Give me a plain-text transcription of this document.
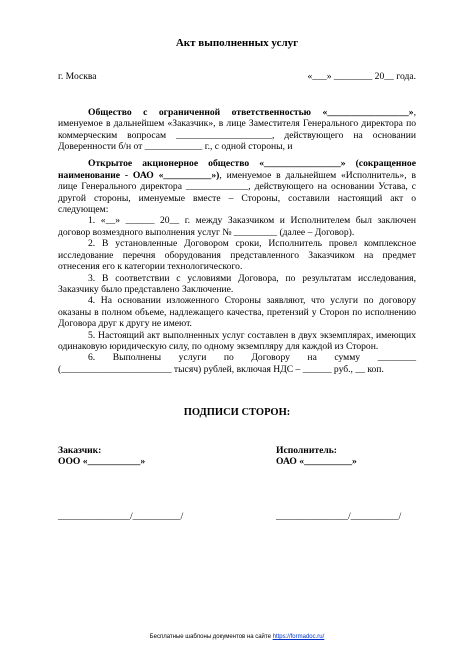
Акт выполненных услуг
г. Москва	«___» ________ 20__ года.

Общество с ограниченной ответственностью «_________________», именуемое в дальнейшем «Заказчик», в лице Заместителя Генерального директора по коммерческим вопросам ____________________, действующего на основании Доверенности б/н от ____________ г., с одной стороны, и

Открытое акционерное общество «________________» (сокращенное наименование - ОАО «__________»), именуемое в дальнейшем «Исполнитель», в лице Генерального директора _____________, действующего на основании Устава, с другой стороны, именуемые вместе – Стороны, составили настоящий акт о следующем:

1. «__» ______ 20__ г. между Заказчиком и Исполнителем был заключен договор возмездного выполнения услуг № _________ (далее – Договор).

2. В установленные Договором сроки, Исполнитель провел комплексное исследование перечня оборудования представленного Заказчиком на предмет отнесения его к категории технологического.

3. В соответствии с условиями Договора, по результатам исследования, Заказчику было представлено Заключение.

4. На основании изложенного Стороны заявляют, что услуги по договору оказаны в полном объеме, надлежащего качества, претензий у Сторон по исполнению Договора друг к другу не имеют.

5. Настоящий акт выполненных услуг составлен в двух экземплярах, имеющих одинаковую юридическую силу, по одному экземпляру для каждой из Сторон.

6. Выполнены услуги по Договору на сумму ________ (_______________________ тысяч) рублей, включая НДС – ______ руб., __ коп.

ПОДПИСИ СТОРОН:
Заказчик:
ООО «___________»
_______________/__________/
Исполнитель:
ОАО «__________»
_______________/__________/
Бесплатные шаблоны документов на сайте https://formadoc.ru/
